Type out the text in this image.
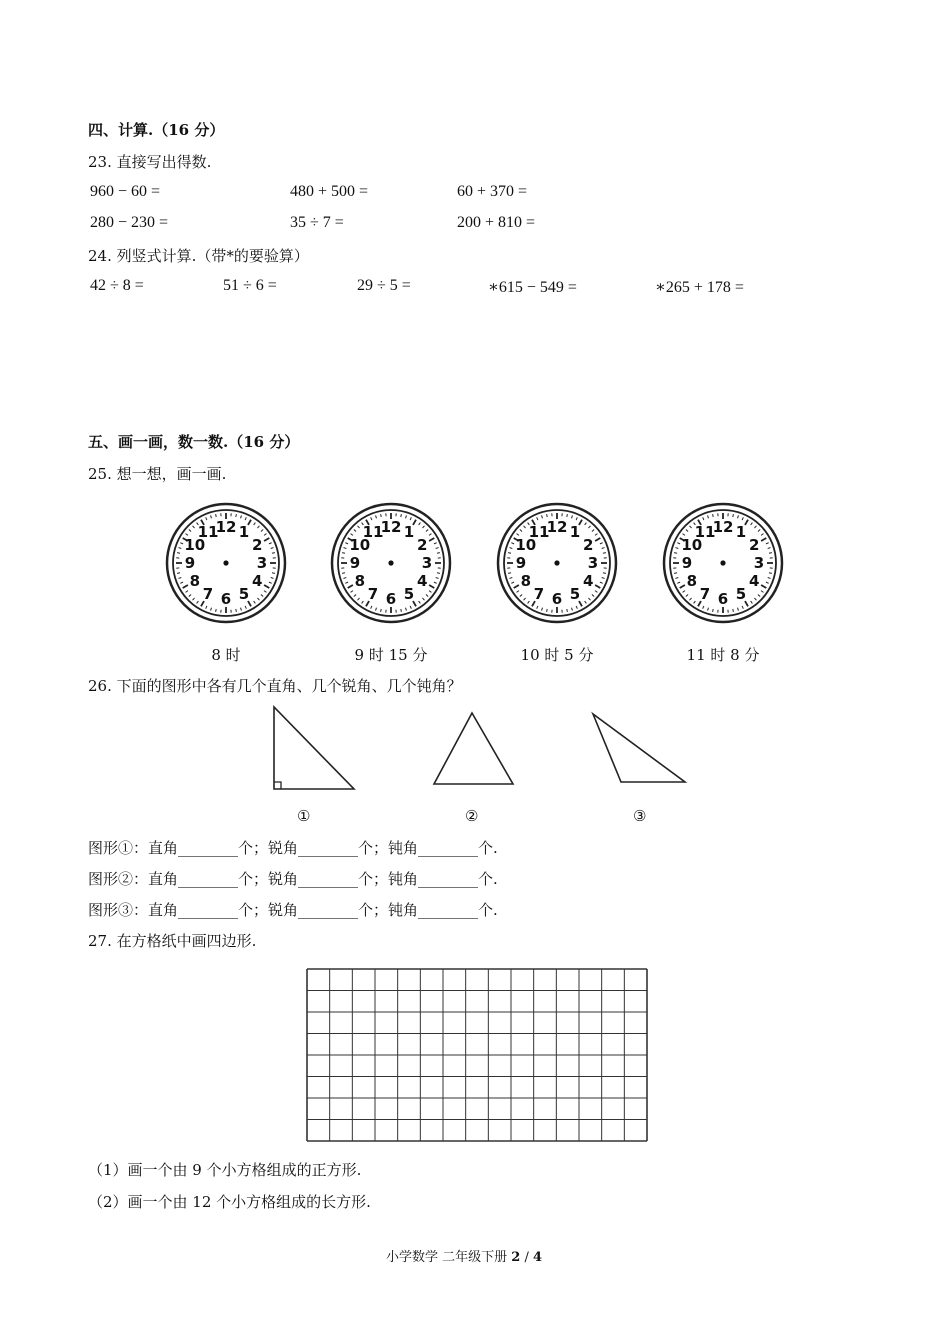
四、计算.（16 分）
23. 直接写出得数.
960 − 60 =	480 + 500 =	60 + 370 =
280 − 230 =	35 ÷ 7 =	200 + 810 =
24. 列竖式计算.（带*的要验算）
42 ÷ 8 =	51 ÷ 6 =	29 ÷ 5 =	∗615 − 549 =	∗265 + 178 =
五、画一画，数一数.（16 分）
25. 想一想，画一画.
12 1
2
3
4
5
6
7
8
9
10
11	12 1
2
3
4
5
6
7
8
9
10
11	12 1
2
3
4
5
6
7
8
9
10
11	12 1
2
3
4
5
6
7
8
9
10
11
8 时	9 时 15 分	10 时 5 分	11 时 8 分
26. 下面的图形中各有几个直角、几个锐角、几个钝角？
①	②	③
图形①：直角________个；锐角________个；钝角________个.
图形②：直角________个；锐角________个；钝角________个.
图形③：直角________个；锐角________个；钝角________个.
27. 在方格纸中画四边形.
（1）画一个由 9 个小方格组成的正方形.
（2）画一个由 12 个小方格组成的长方形.
小学数学 二年级下册 2 / 4
